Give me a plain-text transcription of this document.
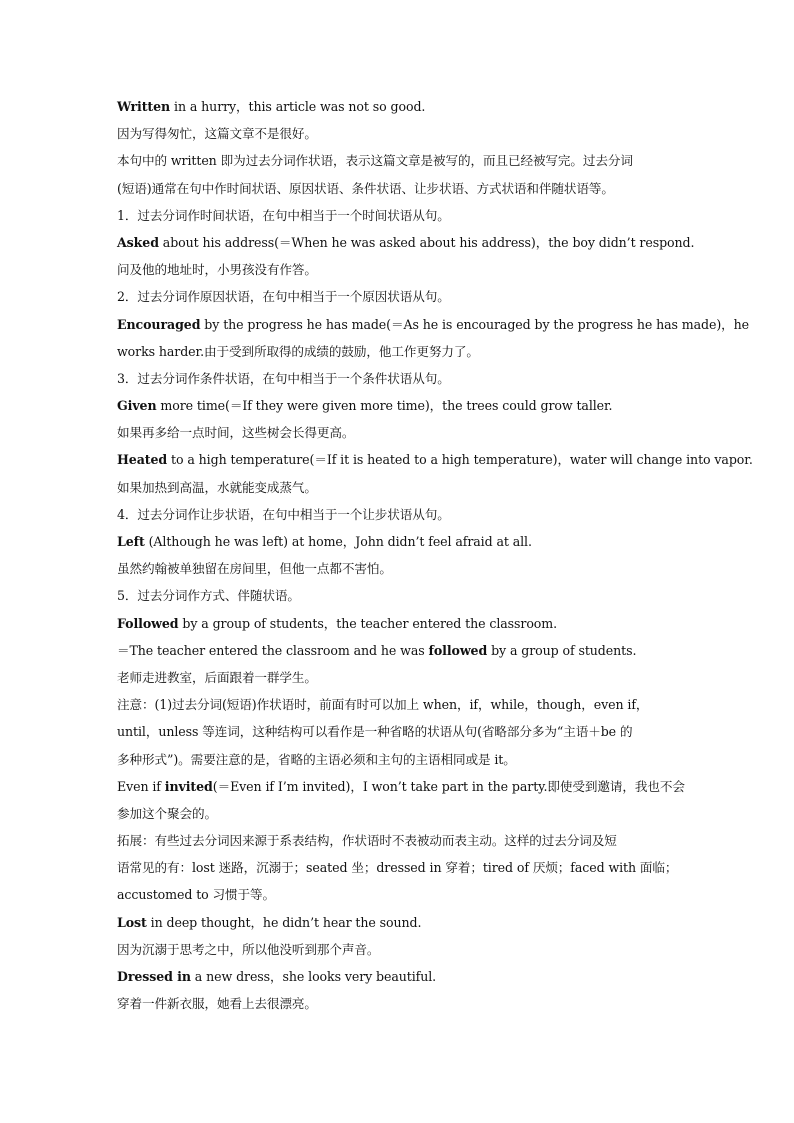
Written in a hurry，this article was not so good.
因为写得匆忙，这篇文章不是很好。
本句中的 written 即为过去分词作状语，表示这篇文章是被写的，而且已经被写完。过去分词
(短语)通常在句中作时间状语、原因状语、条件状语、让步状语、方式状语和伴随状语等。
1．过去分词作时间状语，在句中相当于一个时间状语从句。
Asked about his address(＝When he was asked about his address)，the boy didn’t respond.
问及他的地址时，小男孩没有作答。
2．过去分词作原因状语，在句中相当于一个原因状语从句。
Encouraged by the progress he has made(＝As he is encouraged by the progress he has made)，he
works harder.由于受到所取得的成绩的鼓励，他工作更努力了。
3．过去分词作条件状语，在句中相当于一个条件状语从句。
Given more time(＝If they were given more time)，the trees could grow taller.
如果再多给一点时间，这些树会长得更高。
Heated to a high temperature(＝If it is heated to a high temperature)，water will change into vapor.
如果加热到高温，水就能变成蒸气。
4．过去分词作让步状语，在句中相当于一个让步状语从句。
Left (Although he was left) at home，John didn’t feel afraid at all.
虽然约翰被单独留在房间里，但他一点都不害怕。
5．过去分词作方式、伴随状语。
Followed by a group of students，the teacher entered the classroom.
＝The teacher entered the classroom and he was followed by a group of students.
老师走进教室，后面跟着一群学生。
注意：(1)过去分词(短语)作状语时，前面有时可以加上 when，if，while，though，even if，
until，unless 等连词，这种结构可以看作是一种省略的状语从句(省略部分多为“主语＋be 的
多种形式”)。需要注意的是，省略的主语必须和主句的主语相同或是 it。
Even if invited(＝Even if I’m invited)，I won’t take part in the party.即使受到邀请，我也不会
参加这个聚会的。
拓展：有些过去分词因来源于系表结构，作状语时不表被动而表主动。这样的过去分词及短
语常见的有：lost 迷路，沉溺于；seated 坐；dressed in 穿着；tired of 厌烦；faced with 面临；
accustomed to 习惯于等。
Lost in deep thought，he didn’t hear the sound.
因为沉溺于思考之中，所以他没听到那个声音。
Dressed in a new dress，she looks very beautiful.
穿着一件新衣服，她看上去很漂亮。
